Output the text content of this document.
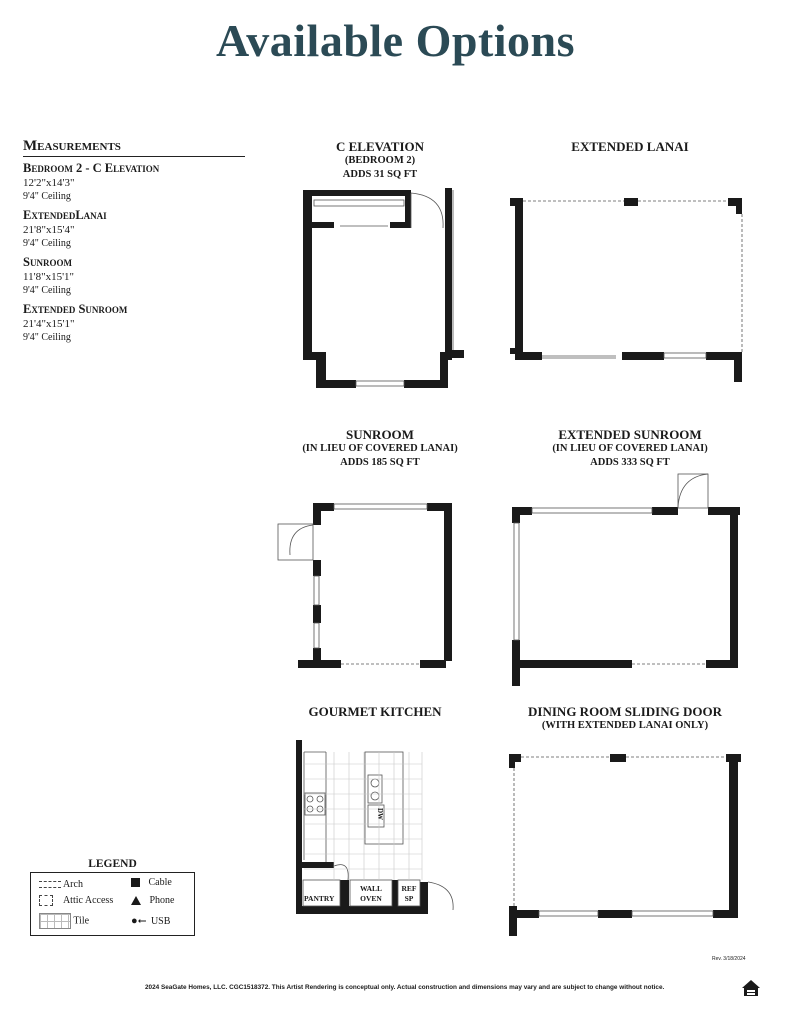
Available Options
Measurements
Bedroom 2 - C Elevation
12'2"x14'3"
9'4" Ceiling
ExtendedLanai
21'8"x15'4"
9'4" Ceiling
Sunroom
11'8"x15'1"
9'4" Ceiling
Extended Sunroom
21'4"x15'1"
9'4" Ceiling
C ELEVATION
(BEDROOM 2)
ADDS 31 SQ FT
EXTENDED LANAI
SUNROOM
(IN LIEU OF COVERED LANAI)
ADDS 185 SQ FT
EXTENDED SUNROOM
(IN LIEU OF COVERED LANAI)
ADDS 333 SQ FT
GOURMET KITCHEN	DINING ROOM SLIDING DOOR
(WITH EXTENDED LANAI ONLY)
DW
PANTRY
WALL
OVEN
REF
SP
LEGEND
Arch
Attic Access
Tile
Cable
Phone
●⭠ USB
Rev. 3/18/2024
2024 SeaGate Homes, LLC. CGC1518372. This Artist Rendering is conceptual only. Actual construction and dimensions may vary and are subject to change without notice.
